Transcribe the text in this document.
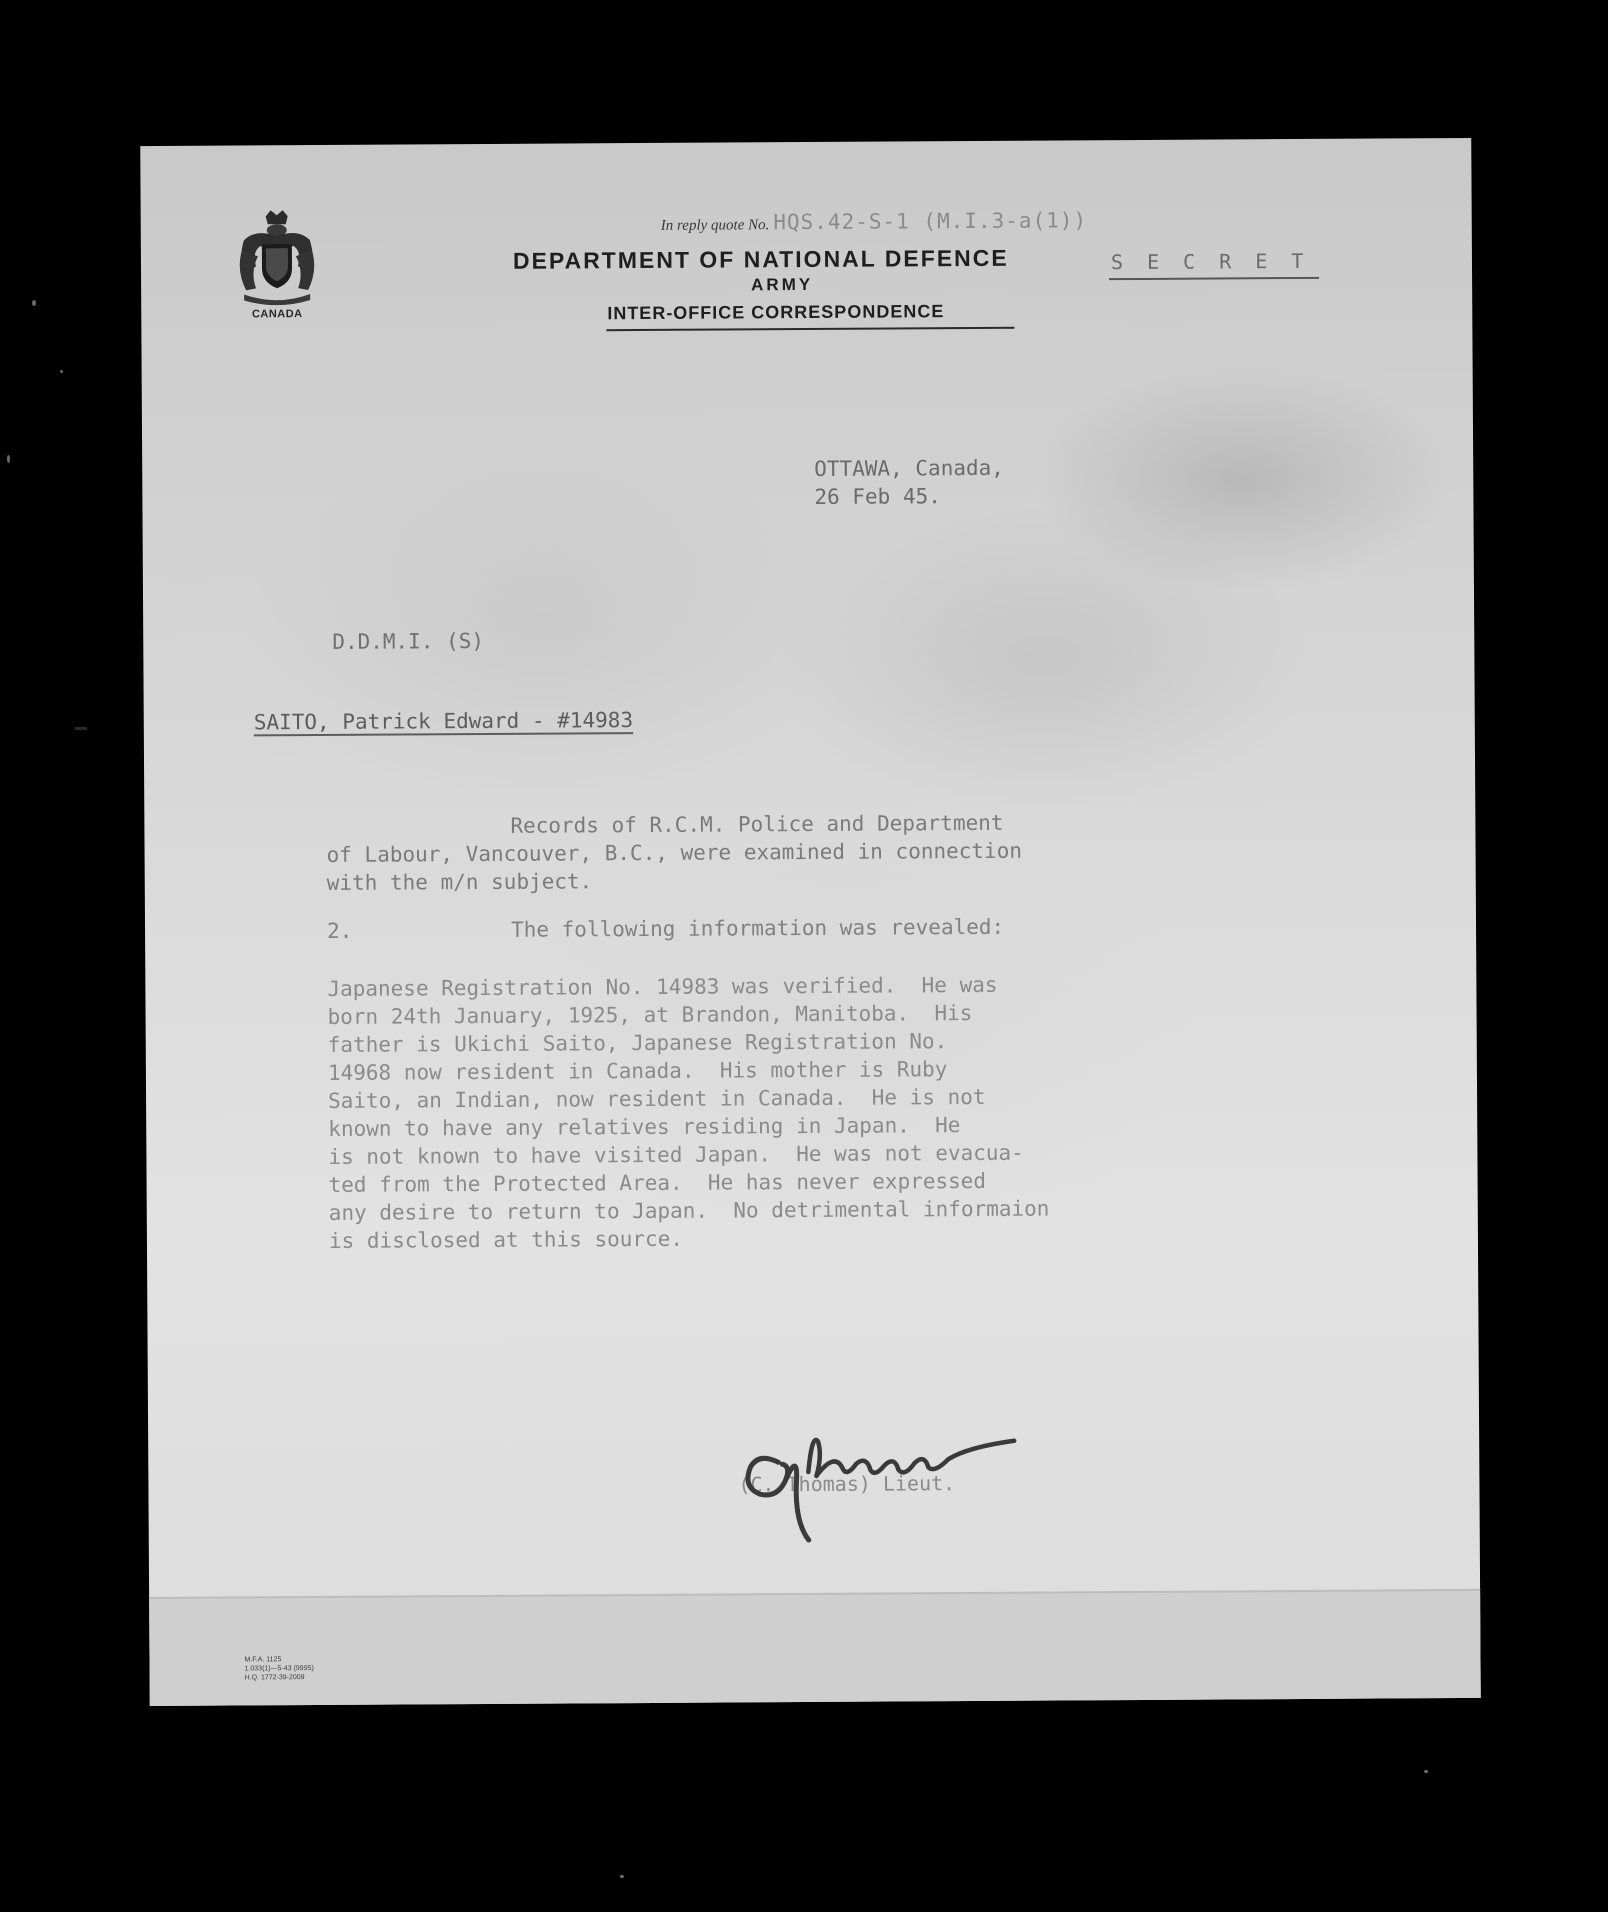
CANADA
In reply quote No. HQS.42-S-1 (M.I.3-a(1))
DEPARTMENT OF NATIONAL DEFENCE	S E C R E T
ARMY
INTER-OFFICE CORRESPONDENCE
OTTAWA, Canada,
26 Feb 45.
D.D.M.I. (S)
SAITO, Patrick Edward - #14983
Records of R.C.M. Police and Department
of Labour, Vancouver, B.C., were examined in connection
with the m/n subject.
2.	The following information was revealed:
Japanese Registration No. 14983 was verified.  He was
born 24th January, 1925, at Brandon, Manitoba.  His
father is Ukichi Saito, Japanese Registration No.
14968 now resident in Canada.  His mother is Ruby
Saito, an Indian, now resident in Canada.  He is not
known to have any relatives residing in Japan.  He
is not known to have visited Japan.  He was not evacua-
ted from the Protected Area.  He has never expressed
any desire to return to Japan.  No detrimental informaion
is disclosed at this source.
(C. Thomas) Lieut.
M.F.A. 1125
1.033(1)—5-43 (9995)
H.Q. 1772-39-2009
